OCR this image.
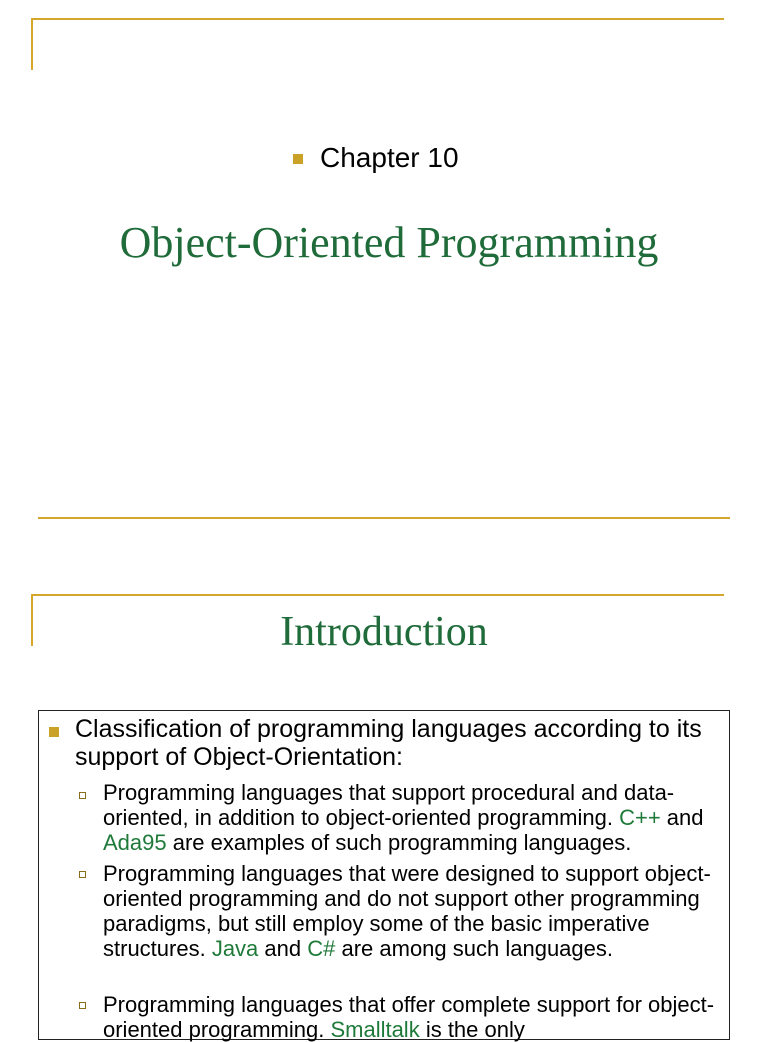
Chapter 10
Object-Oriented Programming
Introduction
Classification of programming languages according to its support of Object-Orientation:
Programming languages that support procedural and data-oriented, in addition to object-oriented programming. C++ and Ada95 are examples of such programming languages.
Programming languages that were designed to support object-oriented programming and do not support other programming paradigms, but still employ some of the basic imperative structures. Java and C# are among such languages.
Programming languages that offer complete support for object-oriented programming. Smalltalk is the only
